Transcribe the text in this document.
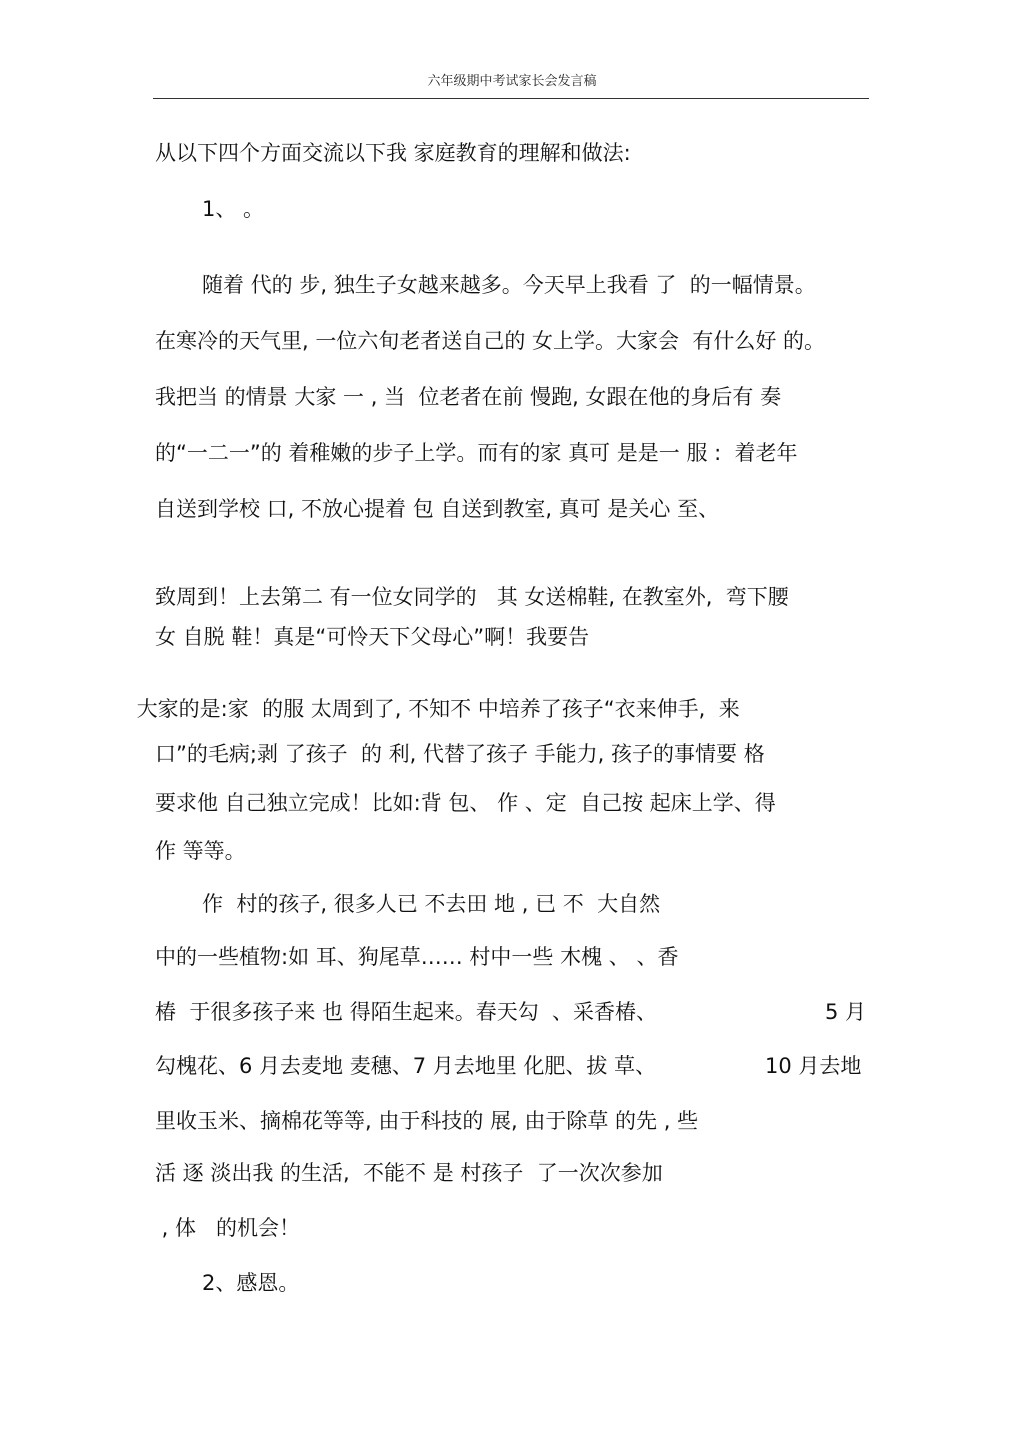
六年级期中考试家长会发言稿
从以下四个方面交流以下我 家庭教育的理解和做法:
1、 。
随着 代的 步, 独生子女越来越多。今天早上我看 了  的一幅情景。
在寒冷的天气里, 一位六旬老者送自己的 女上学。大家会  有什么好 的。
我把当 的情景 大家 一 , 当  位老者在前 慢跑, 女跟在他的身后有 奏
的“一二一”的 着稚嫩的步子上学。而有的家 真可 是是一 服 :  着老年
自送到学校 口, 不放心提着 包 自送到教室, 真可 是关心 至、
致周到！上去第二 有一位女同学的   其 女送棉鞋, 在教室外,  弯下腰
女 自脱 鞋！真是“可怜天下父母心”啊！我要告
大家的是:家  的服 太周到了, 不知不 中培养了孩子“衣来伸手,  来
口”的毛病;剥 了孩子  的 利, 代替了孩子 手能力, 孩子的事情要 格
要求他 自己独立完成！比如:背 包、 作 、定  自己按 起床上学、得
作 等等。
作  村的孩子, 很多人已 不去田 地 , 已 不  大自然
中的一些植物:如 耳、狗尾草…… 村中一些 木槐 、 、香
椿  于很多孩子来 也 得陌生起来。春天勾  、采香椿、	5 月
勾槐花、6 月去麦地 麦穗、7 月去地里 化肥、拔 草、	10 月去地
里收玉米、摘棉花等等, 由于科技的 展, 由于除草 的先 , 些
活 逐 淡出我 的生活,  不能不 是 村孩子  了一次次参加
, 体   的机会！
2、感恩。
